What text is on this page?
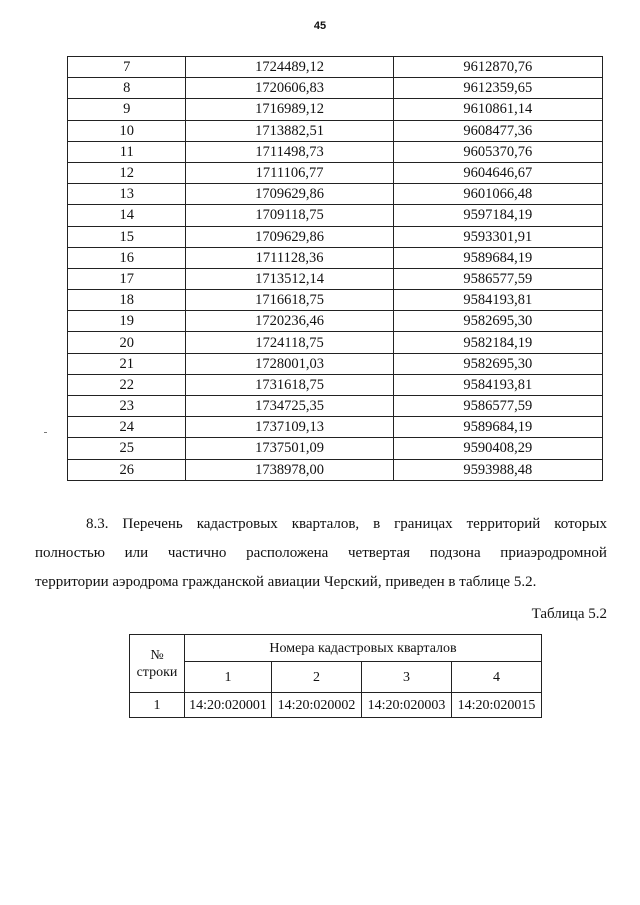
45
7	1724489,12	9612870,76
8	1720606,83	9612359,65
9	1716989,12	9610861,14
10	1713882,51	9608477,36
11	1711498,73	9605370,76
12	1711106,77	9604646,67
13	1709629,86	9601066,48
14	1709118,75	9597184,19
15	1709629,86	9593301,91
16	1711128,36	9589684,19
17	1713512,14	9586577,59
18	1716618,75	9584193,81
19	1720236,46	9582695,30
20	1724118,75	9582184,19
21	1728001,03	9582695,30
22	1731618,75	9584193,81
23	1734725,35	9586577,59
24	1737109,13	9589684,19
25	1737501,09	9590408,29
26	1738978,00	9593988,48
8.3. Перечень кадастровых кварталов, в границах территорий которых
полностью или частично расположена четвертая подзона приаэродромной
территории аэродрома гражданской авиации Черский, приведен в таблице 5.2.
Таблица 5.2
№
строки	Номера кадастровых кварталов			
	1	2	3	4
1	14:20:020001	14:20:020002	14:20:020003	14:20:020015
